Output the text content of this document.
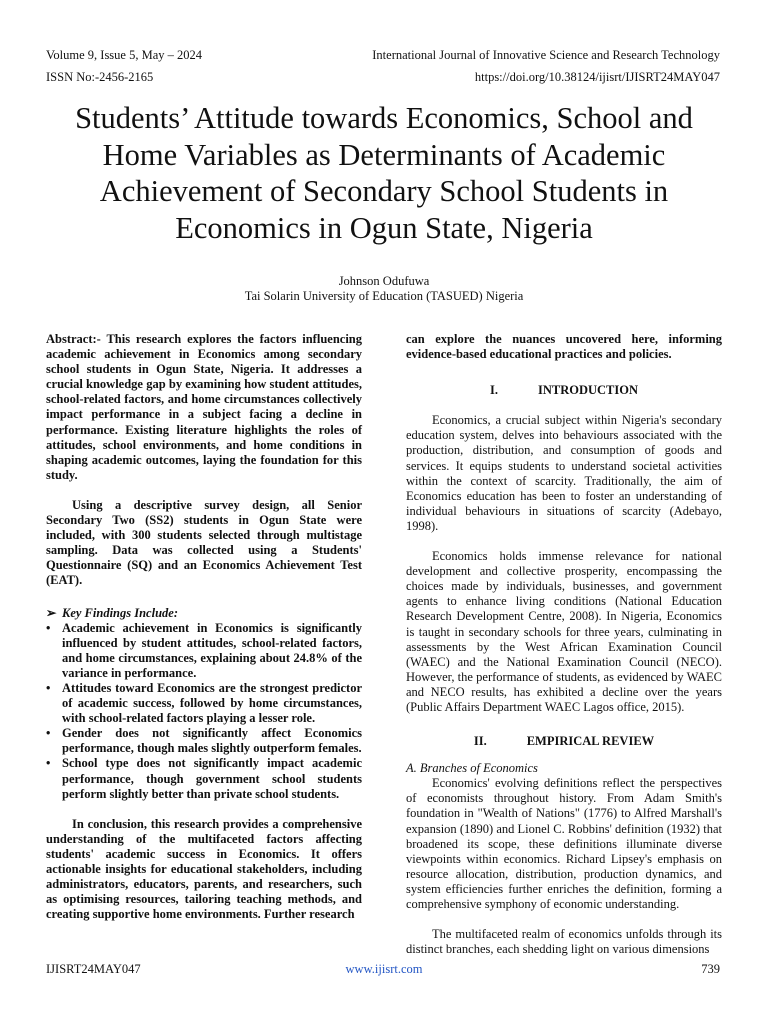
Volume 9, Issue 5, May – 2024	International Journal of Innovative Science and Research Technology
ISSN No:-2456-2165	https://doi.org/10.38124/ijisrt/IJISRT24MAY047
Students’ Attitude towards Economics, School and
Home Variables as Determinants of Academic
Achievement of Secondary School Students in
Economics in Ogun State, Nigeria
Johnson Odufuwa
Tai Solarin University of Education (TASUED) Nigeria

Abstract:- This research explores the factors influencing academic achievement in Economics among secondary school students in Ogun State, Nigeria. It addresses a crucial knowledge gap by examining how student attitudes, school-related factors, and home circumstances collectively impact performance in a subject facing a decline in performance. Existing literature highlights the roles of attitudes, school environments, and home conditions in shaping academic outcomes, laying the foundation for this study.

Using a descriptive survey design, all Senior Secondary Two (SS2) students in Ogun State were included, with 300 students selected through multistage sampling. Data was collected using a Students' Questionnaire (SQ) and an Economics Achievement Test (EAT).

➢ Key Findings Include:
• Academic achievement in Economics is significantly influenced by student attitudes, school-related factors, and home circumstances, explaining about 24.8% of the variance in performance.
• Attitudes toward Economics are the strongest predictor of academic success, followed by home circumstances, with school-related factors playing a lesser role.
• Gender does not significantly affect Economics performance, though males slightly outperform females.
• School type does not significantly impact academic performance, though government school students perform slightly better than private school students.

In conclusion, this research provides a comprehensive understanding of the multifaceted factors affecting students' academic success in Economics. It offers actionable insights for educational stakeholders, including administrators, educators, parents, and researchers, such as optimising resources, tailoring teaching methods, and creating supportive home environments. Further research

can explore the nuances uncovered here, informing evidence-based educational practices and policies.

I.	INTRODUCTION

Economics, a crucial subject within Nigeria's secondary education system, delves into behaviours associated with the production, distribution, and consumption of goods and services. It equips students to understand societal activities within the context of scarcity. Traditionally, the aim of Economics education has been to foster an understanding of individual behaviours in situations of scarcity (Adebayo, 1998).

Economics holds immense relevance for national development and collective prosperity, encompassing the choices made by individuals, businesses, and government agents to enhance living conditions (National Education Research Development Centre, 2008). In Nigeria, Economics is taught in secondary schools for three years, culminating in assessments by the West African Examination Council (WAEC) and the National Examination Council (NECO). However, the performance of students, as evidenced by WAEC and NECO results, has exhibited a decline over the years (Public Affairs Department WAEC Lagos office, 2015).

II.	EMPIRICAL REVIEW

A. Branches of Economics

Economics' evolving definitions reflect the perspectives of economists throughout history. From Adam Smith's foundation in "Wealth of Nations" (1776) to Alfred Marshall's expansion (1890) and Lionel C. Robbins' definition (1932) that broadened its scope, these definitions illuminate diverse viewpoints within economics. Richard Lipsey's emphasis on resource allocation, distribution, production dynamics, and system efficiencies further enriches the definition, forming a comprehensive symphony of economic understanding.

The multifaceted realm of economics unfolds through its distinct branches, each shedding light on various dimensions

IJISRT24MAY047	www.ijisrt.com	739
